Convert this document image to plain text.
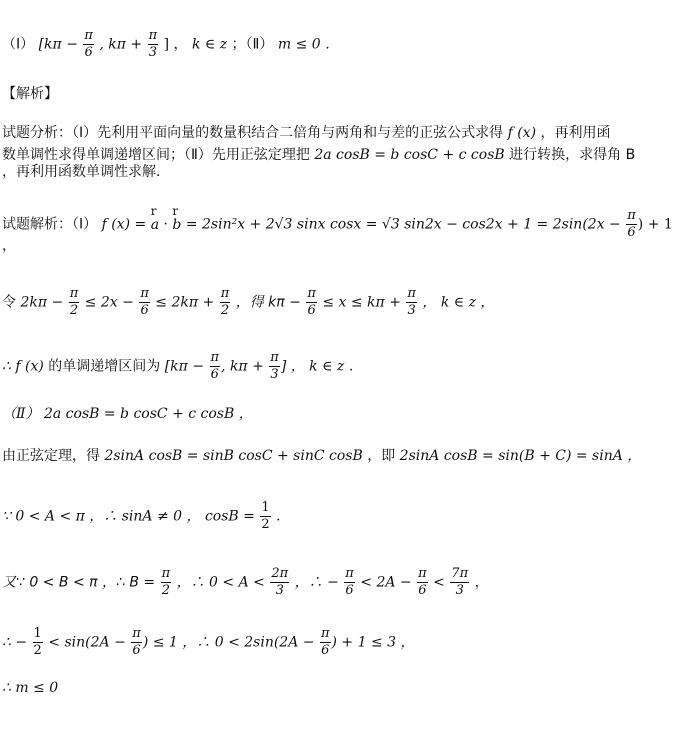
（Ⅰ） [$k\pi - \frac{\pi}{6}$ , $k\pi + \frac{\pi}{3}$ ] ， k ∈ z ；（Ⅱ） m ≤ 0 ．
【解析】
试题分析：（Ⅰ）先利用平面向量的数量积结合二倍角与两角和与差的正弦公式求得 f (x) ，再利用函
数单调性求得单调递增区间；（Ⅱ）先用正弦定理把 2a cosB = b cosC + c cosB 进行转换，求得角 B
，再利用函数单调性求解．
试题解析：（Ⅰ） f (x) =
r
a ·
r
b = 2sin²x + 2√3 sinx cosx = √3 $\sin 2x - \cos 2x + 1 = 2\sin(2x - \frac{\pi}{6}$ ) + 1
，
令 $2k\pi - \frac{\pi}{2} \le 2x - \frac{\pi}{6} \le 2k\pi + \frac{\pi}{2}$ ，得 $k\pi - \frac{\pi}{6} \le x \le k\pi + \frac{\pi}{3}$ ， k ∈ z ，
∴ f (x) 的单调递增区间为 [$k\pi - \frac{\pi}{6}$ , $k\pi + \frac{\pi}{3}$ ] ， k ∈ z ．
（Ⅱ） 2a cosB = b cosC + c cosB ，
由正弦定理，得 2sinA cosB = sinB cosC + sinC cosB ，即 2sinA cosB = sin(B + C) = sinA ，
∵ 0 < A < π ，∴ sinA ≠ 0 ， $\cos B = \frac{1}{2}$ ．
又∵ 0 < B < π ，∴ $B = \frac{\pi}{2}$ ，∴ $0 < A < \frac{2\pi}{3}$ ，∴ − $\frac{\pi}{6} < 2A - \frac{\pi}{6} < \frac{7\pi}{3}$ ，
∴ − $\frac{1}{2} < \sin(2A - \frac{\pi}{6}$ ) ≤ 1 ，∴ $0 < 2\sin(2A - \frac{\pi}{6}$ ) + 1 ≤ 3 ，
∴ m ≤ 0
